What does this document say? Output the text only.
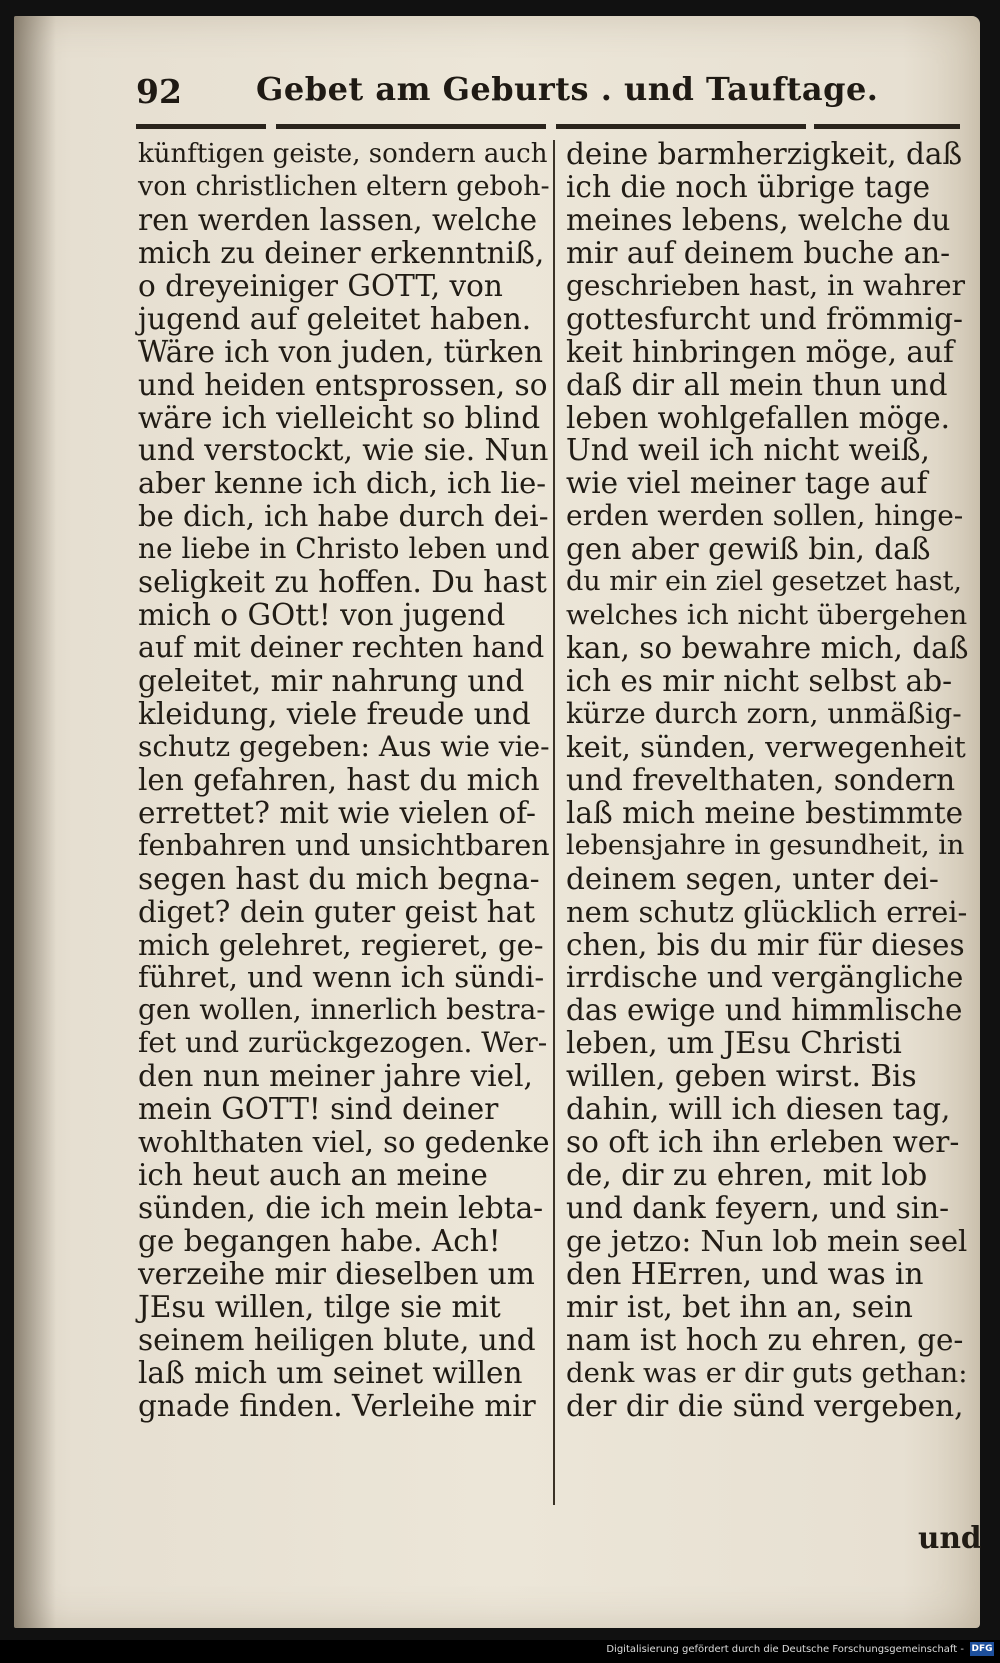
92 Gebet am Geburts . und Tauftage.
künftigen geiste, sondern auch
von christlichen eltern geboh-
ren werden lassen, welche
mich zu deiner erkenntniß,
o dreyeiniger GOTT, von
jugend auf geleitet haben.
Wäre ich von juden, türken
und heiden entsprossen, so
wäre ich vielleicht so blind
und verstockt, wie sie. Nun
aber kenne ich dich, ich lie-
be dich, ich habe durch dei-
ne liebe in Christo leben und
seligkeit zu hoffen. Du hast
mich o GOtt! von jugend
auf mit deiner rechten hand
geleitet, mir nahrung und
kleidung, viele freude und
schutz gegeben: Aus wie vie-
len gefahren, hast du mich
errettet? mit wie vielen of-
fenbahren und unsichtbaren
segen hast du mich begna-
diget? dein guter geist hat
mich gelehret, regieret, ge-
führet, und wenn ich sündi-
gen wollen, innerlich bestra-
fet und zurückgezogen. Wer-
den nun meiner jahre viel,
mein GOTT! sind deiner
wohlthaten viel, so gedenke
ich heut auch an meine
sünden, die ich mein lebta-
ge begangen habe. Ach!
verzeihe mir dieselben um
JEsu willen, tilge sie mit
seinem heiligen blute, und
laß mich um seinet willen
gnade finden. Verleihe mir
deine barmherzigkeit, daß
ich die noch übrige tage
meines lebens, welche du
mir auf deinem buche an-
geschrieben hast, in wahrer
gottesfurcht und frömmig-
keit hinbringen möge, auf
daß dir all mein thun und
leben wohlgefallen möge.
Und weil ich nicht weiß,
wie viel meiner tage auf
erden werden sollen, hinge-
gen aber gewiß bin, daß
du mir ein ziel gesetzet hast,
welches ich nicht übergehen
kan, so bewahre mich, daß
ich es mir nicht selbst ab-
kürze durch zorn, unmäßig-
keit, sünden, verwegenheit
und frevelthaten, sondern
laß mich meine bestimmte
lebensjahre in gesundheit, in
deinem segen, unter dei-
nem schutz glücklich errei-
chen, bis du mir für dieses
irrdische und vergängliche
das ewige und himmlische
leben, um JEsu Christi
willen, geben wirst. Bis
dahin, will ich diesen tag,
so oft ich ihn erleben wer-
de, dir zu ehren, mit lob
und dank feyern, und sin-
ge jetzo: Nun lob mein seel
den HErren, und was in
mir ist, bet ihn an, sein
nam ist hoch zu ehren, ge-
denk was er dir guts gethan:
der dir die sünd vergeben,
und
Digitalisierung gefördert durch die Deutsche Forschungsgemeinschaft - DFG
